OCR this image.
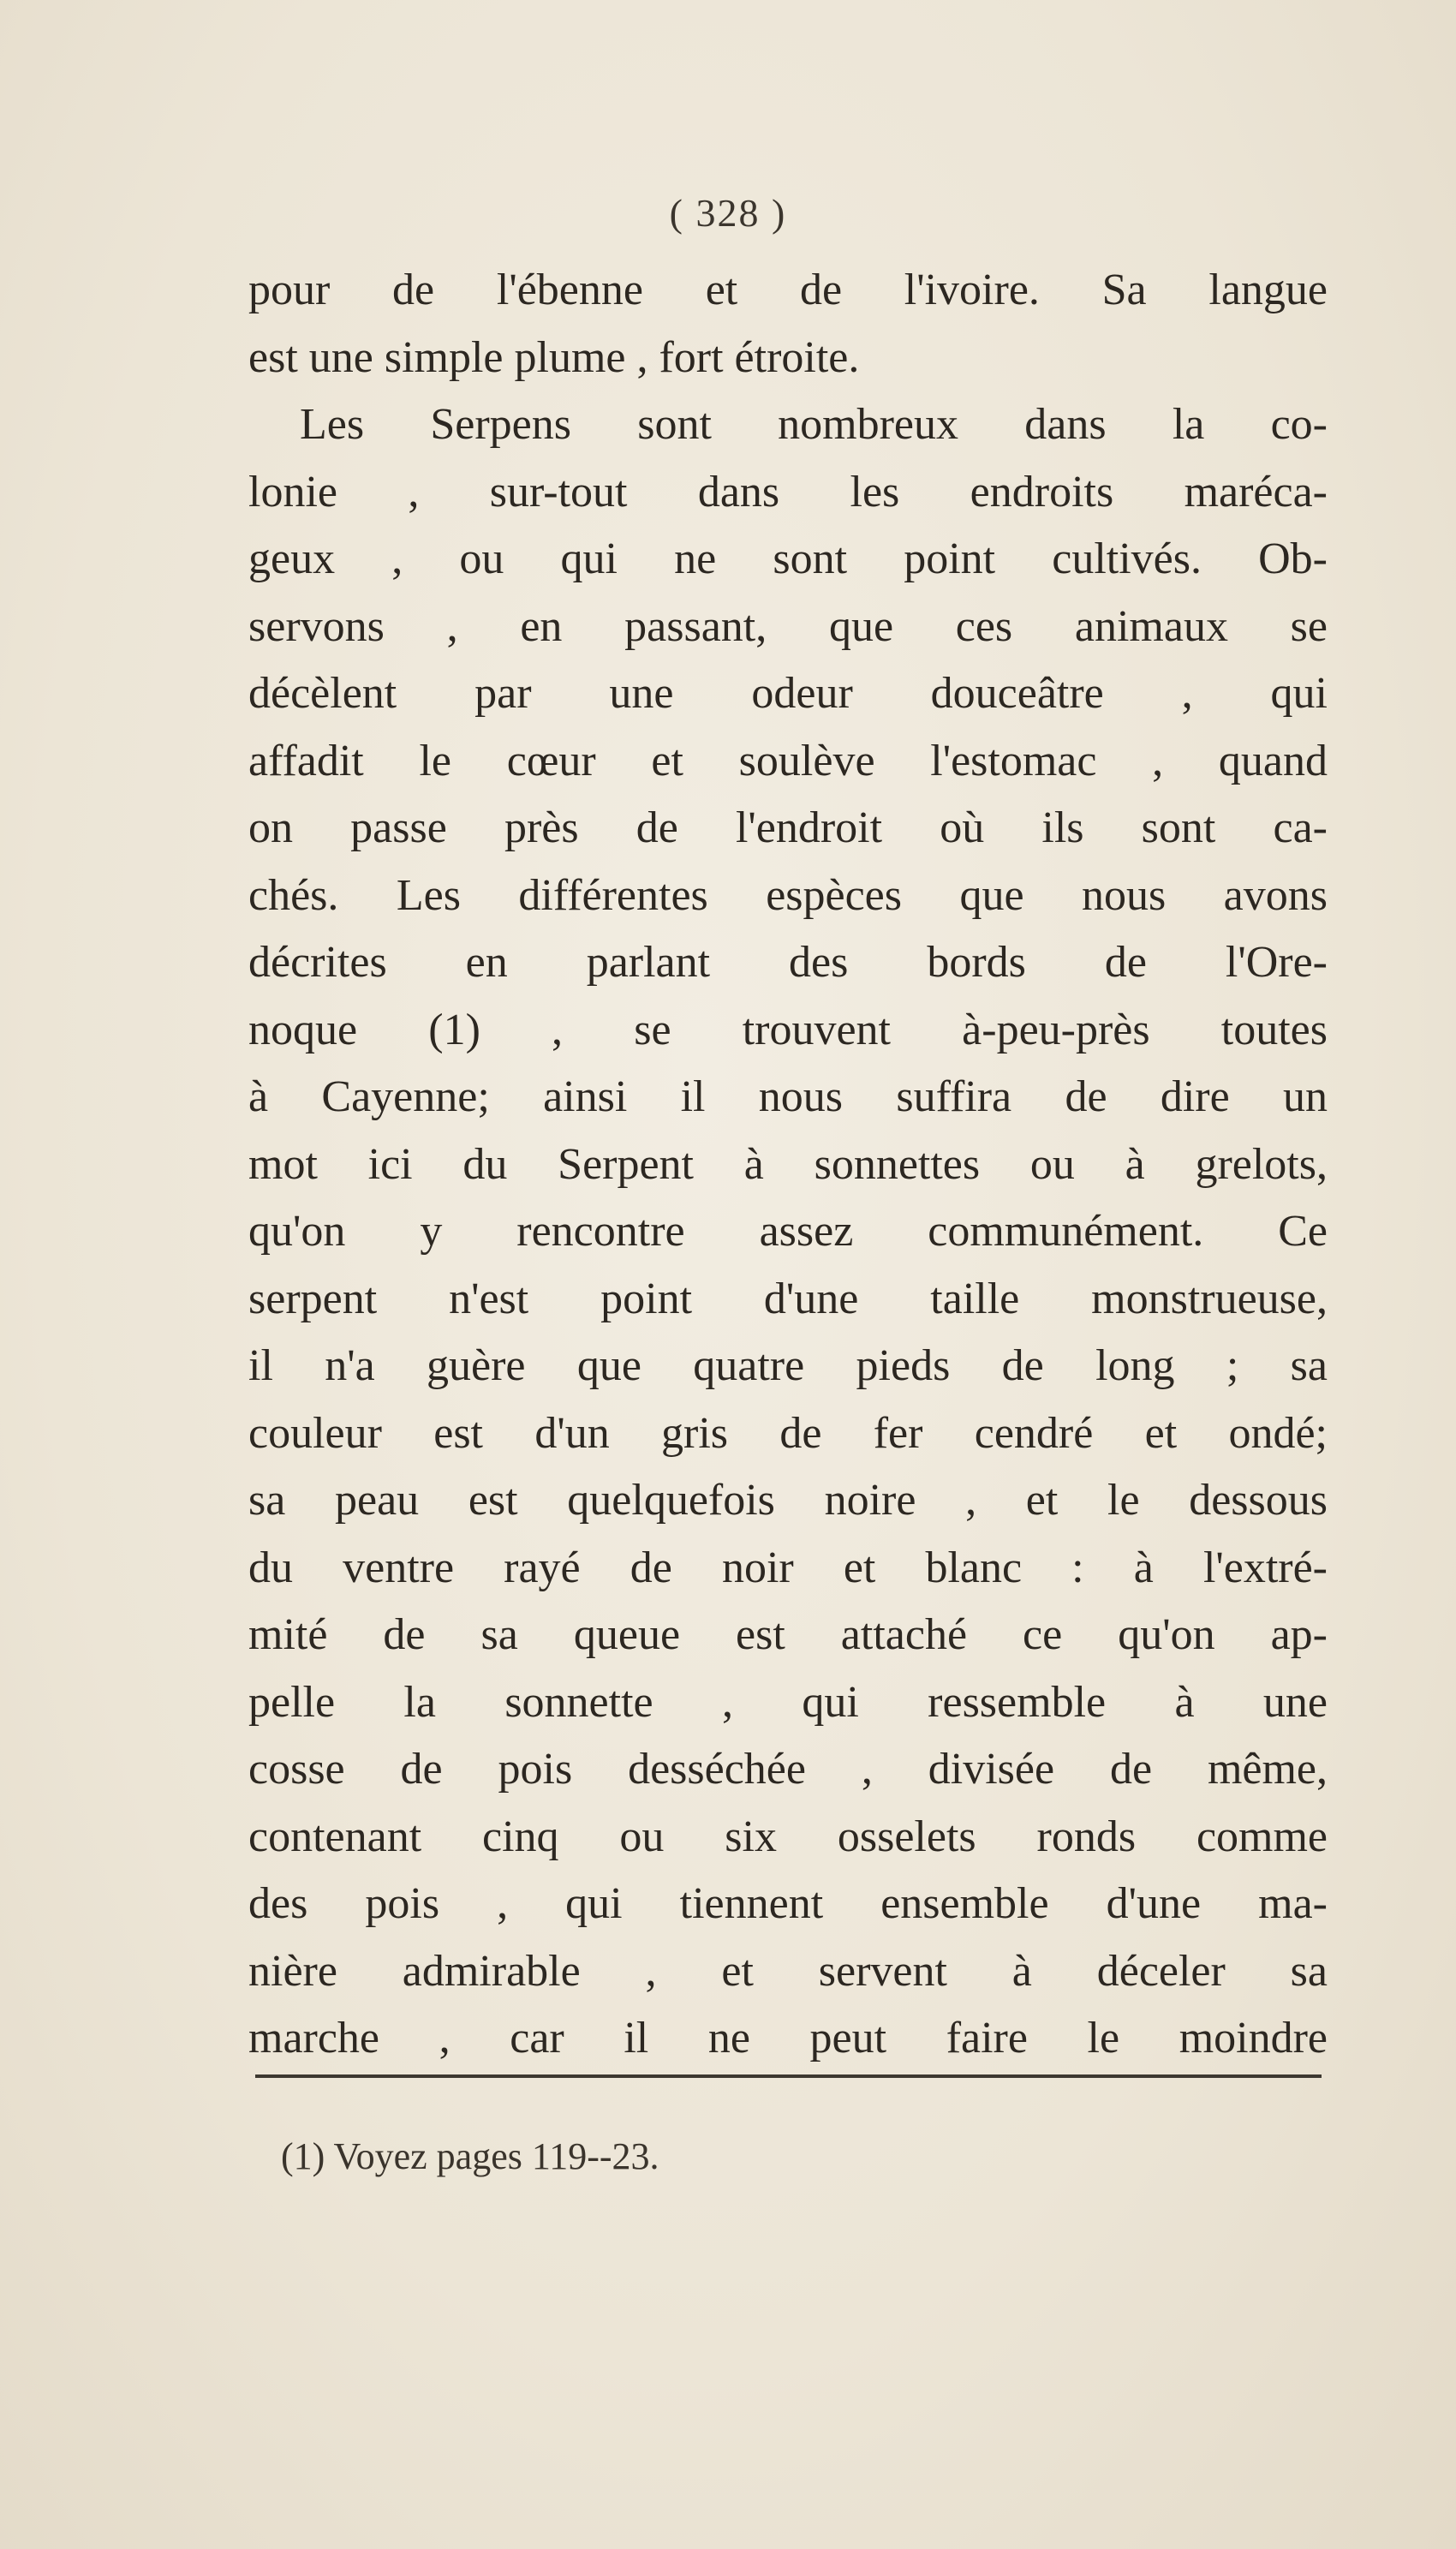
( 328 )
pour de l'ébenne et de l'ivoire. Sa langue
est une simple plume , fort étroite.
Les Serpens sont nombreux dans la co-
lonie , sur-tout dans les endroits maréca-
geux , ou qui ne sont point cultivés. Ob-
servons , en passant, que ces animaux se
décèlent par une odeur douceâtre , qui
affadit le cœur et soulève l'estomac , quand
on passe près de l'endroit où ils sont ca-
chés. Les différentes espèces que nous avons
décrites en parlant des bords de l'Ore-
noque (1) , se trouvent à-peu-près toutes
à Cayenne; ainsi il nous suffira de dire un
mot ici du Serpent à sonnettes ou à grelots,
qu'on y rencontre assez communément. Ce
serpent n'est point d'une taille monstrueuse,
il n'a guère que quatre pieds de long ; sa
couleur est d'un gris de fer cendré et ondé;
sa peau est quelquefois noire , et le dessous
du ventre rayé de noir et blanc : à l'extré-
mité de sa queue est attaché ce qu'on ap-
pelle la sonnette , qui ressemble à une
cosse de pois desséchée , divisée de même,
contenant cinq ou six osselets ronds comme
des pois , qui tiennent ensemble d'une ma-
nière admirable , et servent à déceler sa
marche , car il ne peut faire le moindre
(1) Voyez pages 119--23.
